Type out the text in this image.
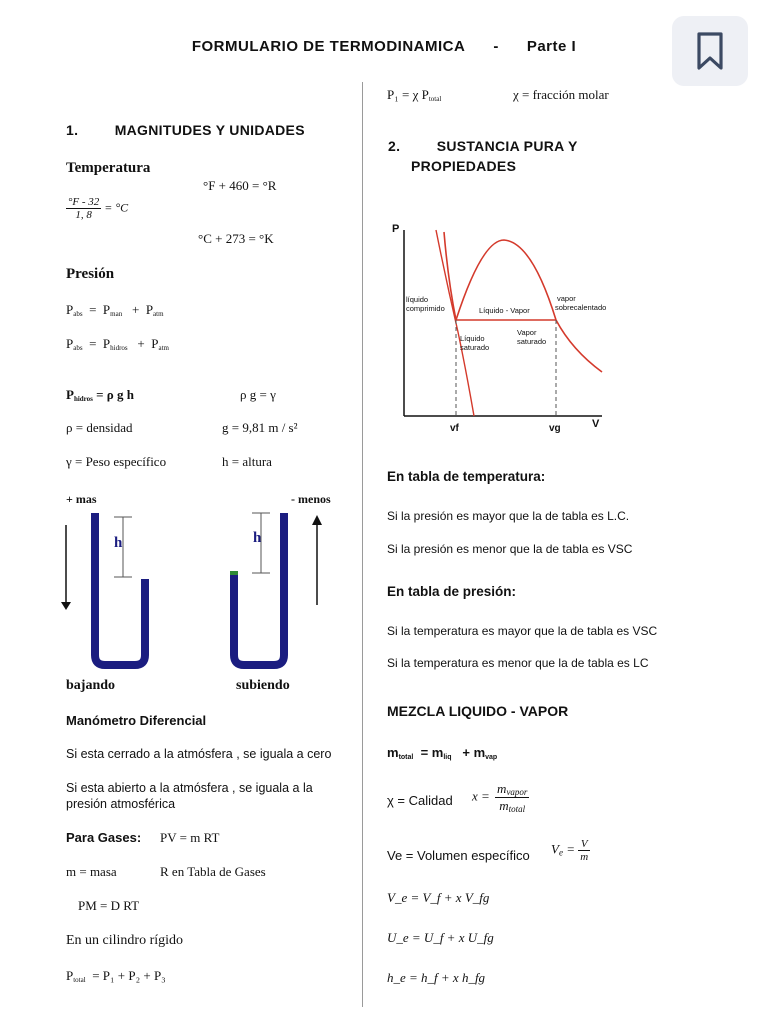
FORMULARIO DE TERMODINAMICA - Parte I
1.	MAGNITUDES Y UNIDADES
Temperatura
°F + 460 = °R
$\frac{^\circ F - 32}{1, 8} = ^\circ C$
°C + 273 = °K
Presión
$P_{abs} = P_{man} + P_{atm}$
$P_{abs} = P_{hidros} + P_{atm}$
$P_{hidros} = \rho$ g h	ρ g = γ
ρ = densidad	g = 9,81 m / s²
γ = Peso específico	h = altura
+ mas	- menos
h	h
bajando	subiendo
Manómetro Diferencial
Si esta cerrado a la atmósfera , se iguala a cero
Si esta abierto a la atmósfera , se iguala a la
presión atmosférica
Para Gases: PV = m RT
m = masa	R en Tabla de Gases
PM = D RT
En un cilindro rígido
$P_{total} = P_1 + P_2 + P_3$
P₁ = χ $P_{total}$	χ = fracción molar
2.	SUSTANCIA PURA Y
PROPIEDADES
P
V
vf	vg
líquido
comprimido	Líquido - Vapor
vapor
sobrecalentado
Líquido
saturado
Vapor
saturado
En tabla de temperatura:
Si la presión es mayor que la de tabla es L.C.
Si la presión es menor que la de tabla es VSC
En tabla de presión:
Si la temperatura es mayor que la de tabla es VSC
Si la temperatura es menor que la de tabla es LC
MEZCLA LIQUIDO - VAPOR
$m_{total} = m_{liq} + m_{vap}$
χ = Calidad $x = \frac{m_{vapor}}{m_{total}}$
Ve = Volumen específico $V_e = \frac{V}{m}$
V_e = V_f + x V_fg
U_e = U_f + x U_fg
h_e = h_f + x h_fg
